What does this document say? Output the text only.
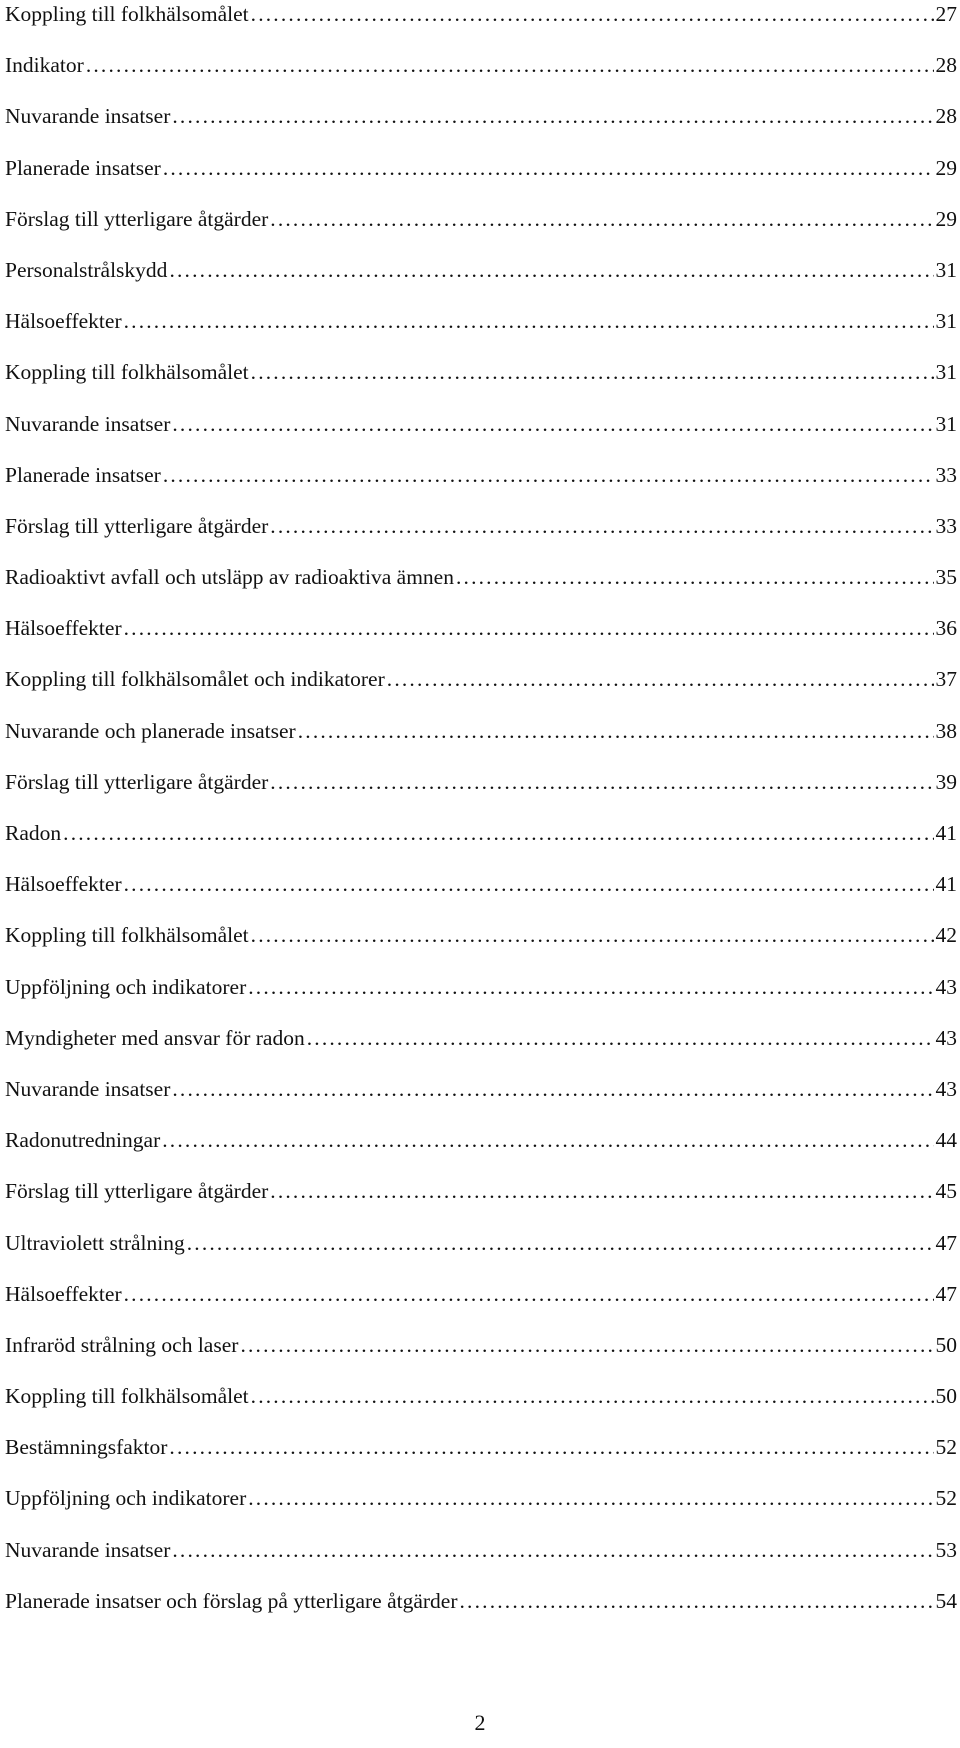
Koppling till folkhälsomålet . . .	27
Indikator . . .	28
Nuvarande insatser . . .	28
Planerade insatser . . .	29
Förslag till ytterligare åtgärder . . .	29
Personalstrålskydd . . .	31
Hälsoeffekter . . .	31
Koppling till folkhälsomålet . . .	31
Nuvarande insatser . . .	31
Planerade insatser . . .	33
Förslag till ytterligare åtgärder . . .	33
Radioaktivt avfall och utsläpp av radioaktiva ämnen . . .	35
Hälsoeffekter . . .	36
Koppling till folkhälsomålet och indikatorer . . .	37
Nuvarande och planerade insatser . . .	38
Förslag till ytterligare åtgärder . . .	39
Radon . . .	41
Hälsoeffekter . . .	41
Koppling till folkhälsomålet . . .	42
Uppföljning och indikatorer . . .	43
Myndigheter med ansvar för radon . . .	43
Nuvarande insatser . . .	43
Radonutredningar . . .	44
Förslag till ytterligare åtgärder . . .	45
Ultraviolett strålning . . .	47
Hälsoeffekter . . .	47
Infraröd strålning och laser . . .	50
Koppling till folkhälsomålet . . .	50
Bestämningsfaktor . . .	52
Uppföljning och indikatorer . . .	52
Nuvarande insatser . . .	53
Planerade insatser och förslag på ytterligare åtgärder . . .	54
2
